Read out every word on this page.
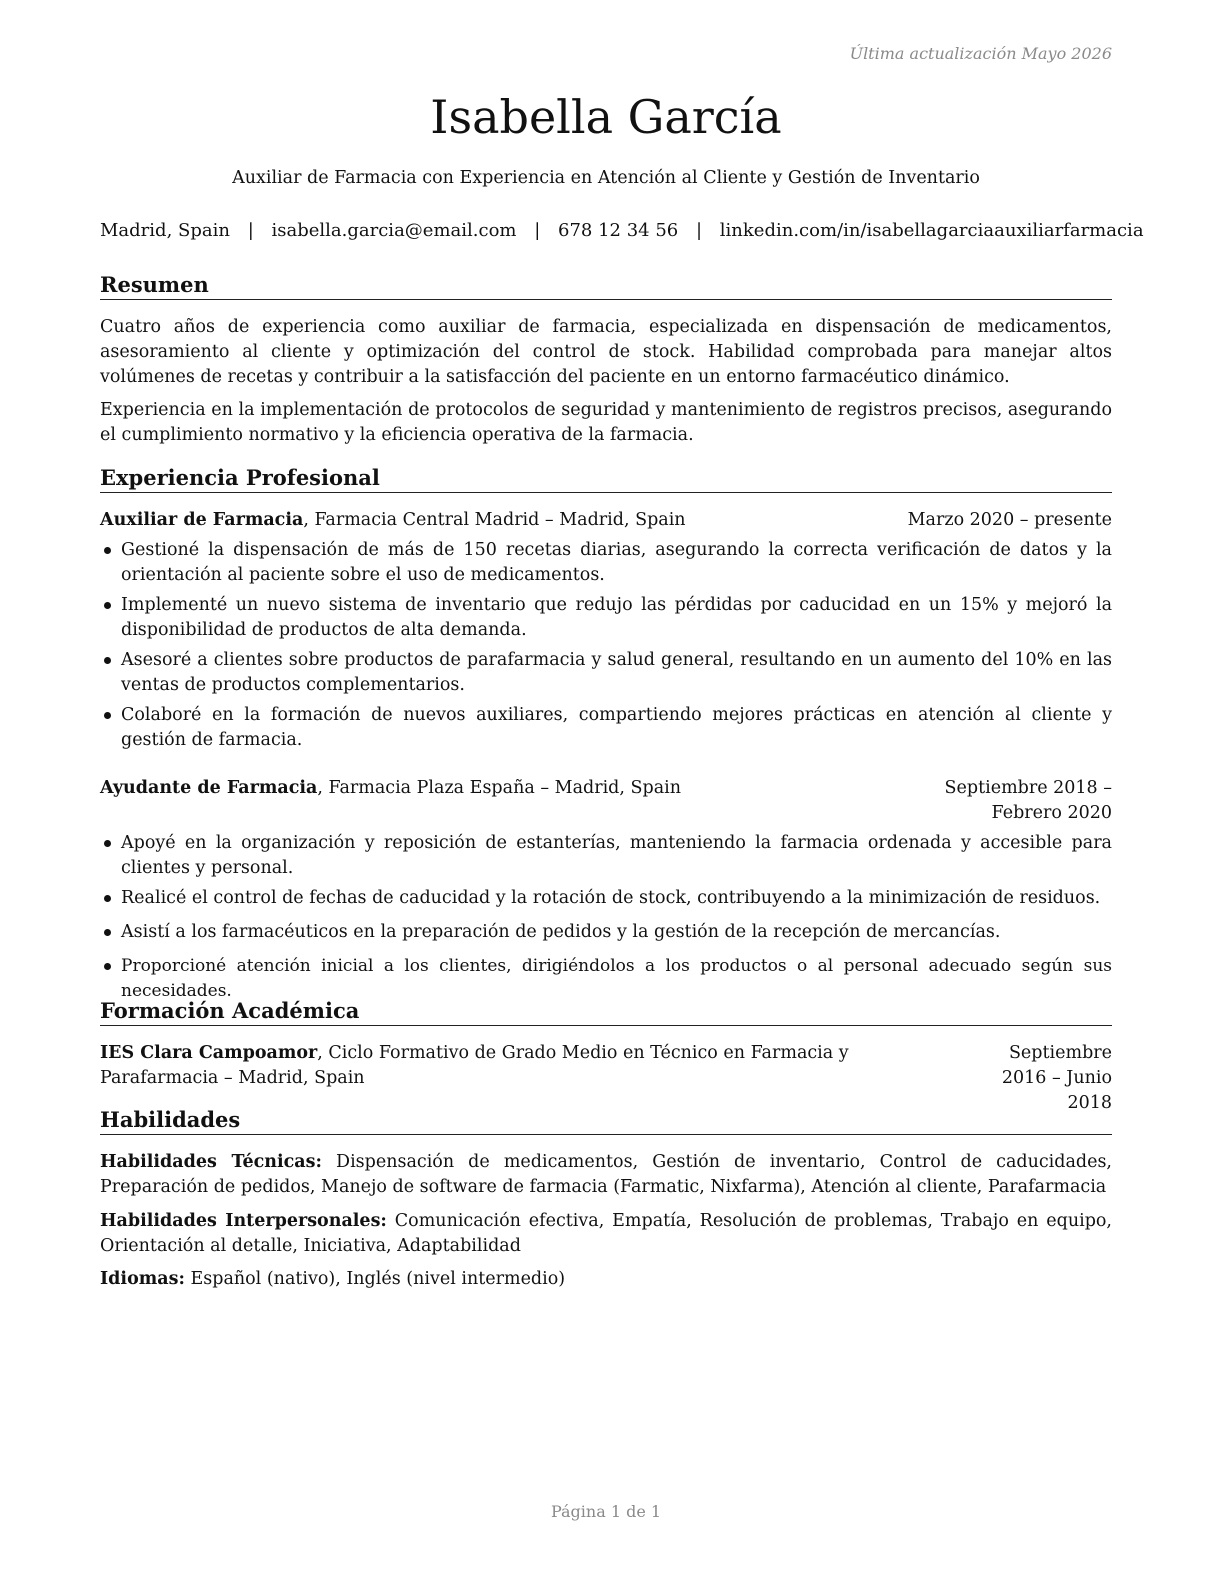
Última actualización Mayo 2026
Isabella García
Auxiliar de Farmacia con Experiencia en Atención al Cliente y Gestión de Inventario
Madrid, Spain | isabella.garcia@email.com | 678 12 34 56 | linkedin.com/in/isabellagarciaauxiliarfarmacia
Resumen

Cuatro años de experiencia como auxiliar de farmacia, especializada en dispensación de medicamentos, asesoramiento al cliente y optimización del control de stock. Habilidad comprobada para manejar altos volúmenes de recetas y contribuir a la satisfacción del paciente en un entorno farmacéutico dinámico.

Experiencia en la implementación de protocolos de seguridad y mantenimiento de registros precisos, asegurando el cumplimiento normativo y la eficiencia operativa de la farmacia.

Experiencia Profesional
Auxiliar de Farmacia, Farmacia Central Madrid – Madrid, Spain	Marzo 2020 – presente
Gestioné la dispensación de más de 150 recetas diarias, asegurando la correcta verificación de datos y la orientación al paciente sobre el uso de medicamentos.
Implementé un nuevo sistema de inventario que redujo las pérdidas por caducidad en un 15% y mejoró la disponibilidad de productos de alta demanda.
Asesoré a clientes sobre productos de parafarmacia y salud general, resultando en un aumento del 10% en las ventas de productos complementarios.
Colaboré en la formación de nuevos auxiliares, compartiendo mejores prácticas en atención al cliente y gestión de farmacia.
Ayudante de Farmacia, Farmacia Plaza España – Madrid, Spain	Septiembre 2018 – Febrero 2020
Apoyé en la organización y reposición de estanterías, manteniendo la farmacia ordenada y accesible para clientes y personal.
Realicé el control de fechas de caducidad y la rotación de stock, contribuyendo a la minimización de residuos.
Asistí a los farmacéuticos en la preparación de pedidos y la gestión de la recepción de mercancías.
Proporcioné atención inicial a los clientes, dirigiéndolos a los productos o al personal adecuado según sus necesidades.
Formación Académica
IES Clara Campoamor, Ciclo Formativo de Grado Medio en Técnico en Farmacia y Parafarmacia – Madrid, Spain
Septiembre 2016 – Junio 2018
Habilidades
Habilidades Técnicas: Dispensación de medicamentos, Gestión de inventario, Control de caducidades, Preparación de pedidos, Manejo de software de farmacia (Farmatic, Nixfarma), Atención al cliente, Parafarmacia
Habilidades Interpersonales: Comunicación efectiva, Empatía, Resolución de problemas, Trabajo en equipo, Orientación al detalle, Iniciativa, Adaptabilidad
Idiomas: Español (nativo), Inglés (nivel intermedio)
Página 1 de 1
